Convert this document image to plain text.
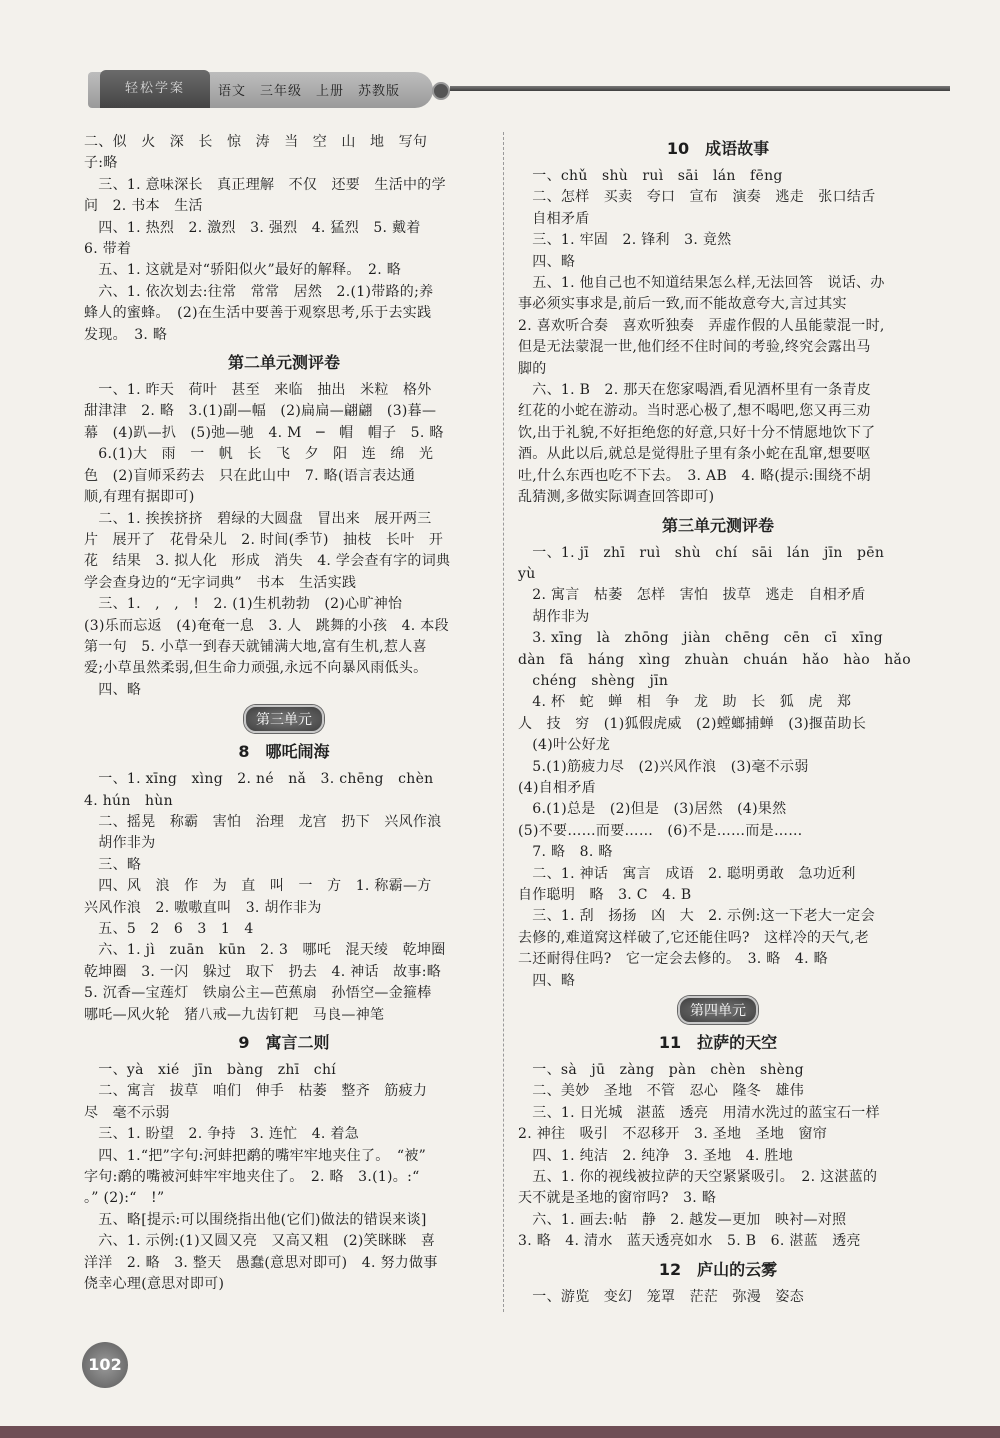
轻松学案	语文　三年级　上册　苏教版
二、似　火　深　长　惊　涛　当　空　山　地　写句
子:略
　三、1. 意味深长　真正理解　不仅　还要　生活中的学
问　2. 书本　生活
　四、1. 热烈　2. 激烈　3. 强烈　4. 猛烈　5. 戴着
6. 带着
　五、1. 这就是对“骄阳似火”最好的解释。　2. 略
　六、1. 依次划去:往常　常常　居然　2.(1)带路的;养
蜂人的蜜蜂。　(2)在生活中要善于观察思考,乐于去实践
发现。　3. 略
第二单元测评卷
　一、1. 昨天　荷叶　甚至　来临　抽出　米粒　格外
甜津津　2. 略　3.(1)副—幅　(2)扁扁—翩翩　(3)暮—
幕　(4)趴—扒　(5)弛—驰　4. M　─　帽　帽子　5. 略
　6.(1)大　雨　一　帆　长　飞　夕　阳　连　绵　光
色　(2)盲师采药去　只在此山中　7. 略(语言表达通
顺,有理有据即可)
　二、1. 挨挨挤挤　碧绿的大圆盘　冒出来　展开两三
片　展开了　花骨朵儿　2. 时间(季节)　抽枝　长叶　开
花　结果　3. 拟人化　形成　消失　4. 学会查有字的词典
学会查身边的“无字词典”　书本　生活实践
　三、1.　,　,　!　2. (1)生机勃勃　(2)心旷神怡
(3)乐而忘返　(4)奄奄一息　3. 人　跳舞的小孩　4. 本段
第一句　5. 小草一到春天就铺满大地,富有生机,惹人喜
爱;小草虽然柔弱,但生命力顽强,永远不向暴风雨低头。
　四、略
第三单元
8　哪吒闹海
　一、1. xīng　xìng　2. né　nǎ　3. chēng　chèn
4. hún　hùn
　二、摇晃　称霸　害怕　治理　龙宫　扔下　兴风作浪
　胡作非为
　三、略
　四、风　浪　作　为　直　叫　一　方　1. 称霸—方
兴风作浪　2. 嗷嗷直叫　3. 胡作非为
　五、5　2　6　3　1　4
　六、1. jì　zuān　kūn　2. 3　哪吒　混天绫　乾坤圈
乾坤圈　3. 一闪　躲过　取下　扔去　4. 神话　故事:略
5. 沉香—宝莲灯　铁扇公主—芭蕉扇　孙悟空—金箍棒
哪吒—风火轮　猪八戒—九齿钉耙　马良—神笔
9　寓言二则
　一、yà　xié　jīn　bàng　zhī　chí
　二、寓言　拔草　咱们　伸手　枯萎　整齐　筋疲力
尽　毫不示弱
　三、1. 盼望　2. 争持　3. 连忙　4. 着急
　四、1.“把”字句:河蚌把鹬的嘴牢牢地夹住了。　“被”
字句:鹬的嘴被河蚌牢牢地夹住了。　2. 略　3.(1)。:“
。” (2):“　!”
　五、略[提示:可以围绕指出他(它们)做法的错误来谈]
　六、1. 示例:(1)又圆又亮　又高又粗　(2)笑眯眯　喜
洋洋　2. 略　3. 整天　愚蠢(意思对即可)　4. 努力做事
侥幸心理(意思对即可)
10　成语故事
　一、chǔ　shù　ruì　sāi　lán　fēng
　二、怎样　买卖　夸口　宣布　演奏　逃走　张口结舌
　自相矛盾
　三、1. 牢固　2. 锋利　3. 竟然
　四、略
　五、1. 他自己也不知道结果怎么样,无法回答　说话、办
事必须实事求是,前后一致,而不能故意夸大,言过其实
2. 喜欢听合奏　喜欢听独奏　弄虚作假的人虽能蒙混一时,
但是无法蒙混一世,他们经不住时间的考验,终究会露出马
脚的
　六、1. B　2. 那天在您家喝酒,看见酒杯里有一条青皮
红花的小蛇在游动。当时恶心极了,想不喝吧,您又再三劝
饮,出于礼貌,不好拒绝您的好意,只好十分不情愿地饮下了
酒。从此以后,就总是觉得肚子里有条小蛇在乱窜,想要呕
吐,什么东西也吃不下去。　3. AB　4. 略(提示:围绕不胡
乱猜测,多做实际调查回答即可)
第三单元测评卷
　一、1. jī　zhī　ruì　shù　chí　sāi　lán　jīn　pēn
yù
　2. 寓言　枯萎　怎样　害怕　拔草　逃走　自相矛盾
　胡作非为
　3. xīng　là　zhōng　jiàn　chēng　cēn　cī　xīng
dàn　fā　háng　xìng　zhuàn　chuán　hǎo　hào　hǎo
　chéng　shèng　jīn
　4. 杯　蛇　蝉　相　争　龙　助　长　狐　虎　郑
人　技　穷　(1)狐假虎威　(2)螳螂捕蝉　(3)揠苗助长
　(4)叶公好龙
　5.(1)筋疲力尽　(2)兴风作浪　(3)毫不示弱
(4)自相矛盾
　6.(1)总是　(2)但是　(3)居然　(4)果然
(5)不要……而要……　(6)不是……而是……
　7. 略　8. 略
　二、1. 神话　寓言　成语　2. 聪明勇敢　急功近利
自作聪明　略　3. C　4. B
　三、1. 刮　扬扬　凶　大　2. 示例:这一下老大一定会
去修的,难道窝这样破了,它还能住吗?　这样冷的天气,老
二还耐得住吗?　它一定会去修的。　3. 略　4. 略
　四、略
第四单元
11　拉萨的天空
　一、sà　jū　zàng　pàn　chèn　shèng
　二、美妙　圣地　不管　忍心　隆冬　雄伟
　三、1. 日光城　湛蓝　透亮　用清水洗过的蓝宝石一样
2. 神往　吸引　不忍移开　3. 圣地　圣地　窗帘
　四、1. 纯洁　2. 纯净　3. 圣地　4. 胜地
　五、1. 你的视线被拉萨的天空紧紧吸引。　2. 这湛蓝的
天不就是圣地的窗帘吗?　3. 略
　六、1. 画去:帖　静　2. 越发—更加　映衬—对照
3. 略　4. 清水　蓝天透亮如水　5. B　6. 湛蓝　透亮
12　庐山的云雾
　一、游览　变幻　笼罩　茫茫　弥漫　姿态
102
